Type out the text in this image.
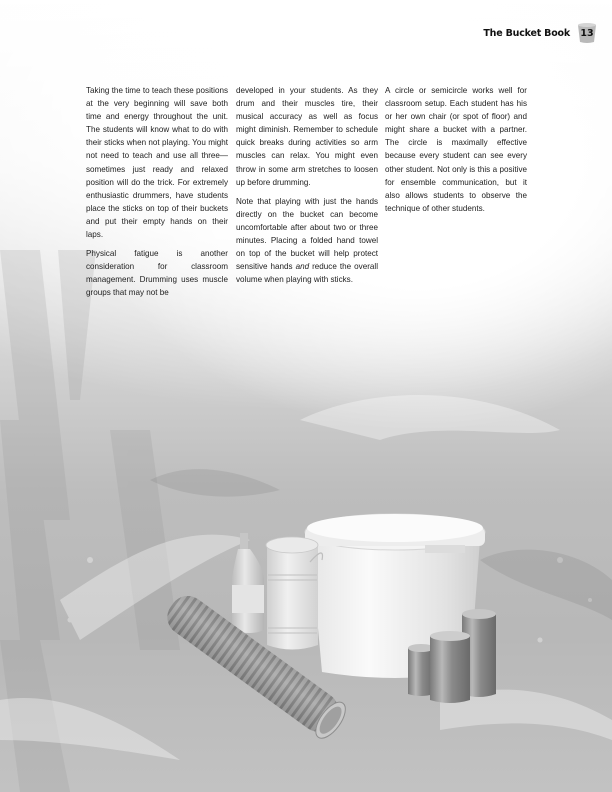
The Bucket Book 13

Taking the time to teach these positions at the very beginning will save both time and energy throughout the unit. The students will know what to do with their sticks when not playing. You might not need to teach and use all three—sometimes just ready and relaxed position will do the trick. For extremely enthusiastic drummers, have students place the sticks on top of their buckets and put their empty hands on their laps.

Physical fatigue is another consideration for classroom management. Drumming uses muscle groups that may not be

developed in your students. As they drum and their muscles tire, their musical accuracy as well as focus might diminish. Remember to schedule quick breaks during activities so arm muscles can relax. You might even throw in some arm stretches to loosen up before drumming.

Note that playing with just the hands directly on the bucket can become uncomfortable after about two or three minutes. Placing a folded hand towel on top of the bucket will help protect sensitive hands and reduce the overall volume when playing with sticks.

A circle or semicircle works well for classroom setup. Each student has his or her own chair (or spot of floor) and might share a bucket with a partner. The circle is maximally effective because every student can see every other student. Not only is this a positive for ensemble communication, but it also allows students to observe the technique of other students.
